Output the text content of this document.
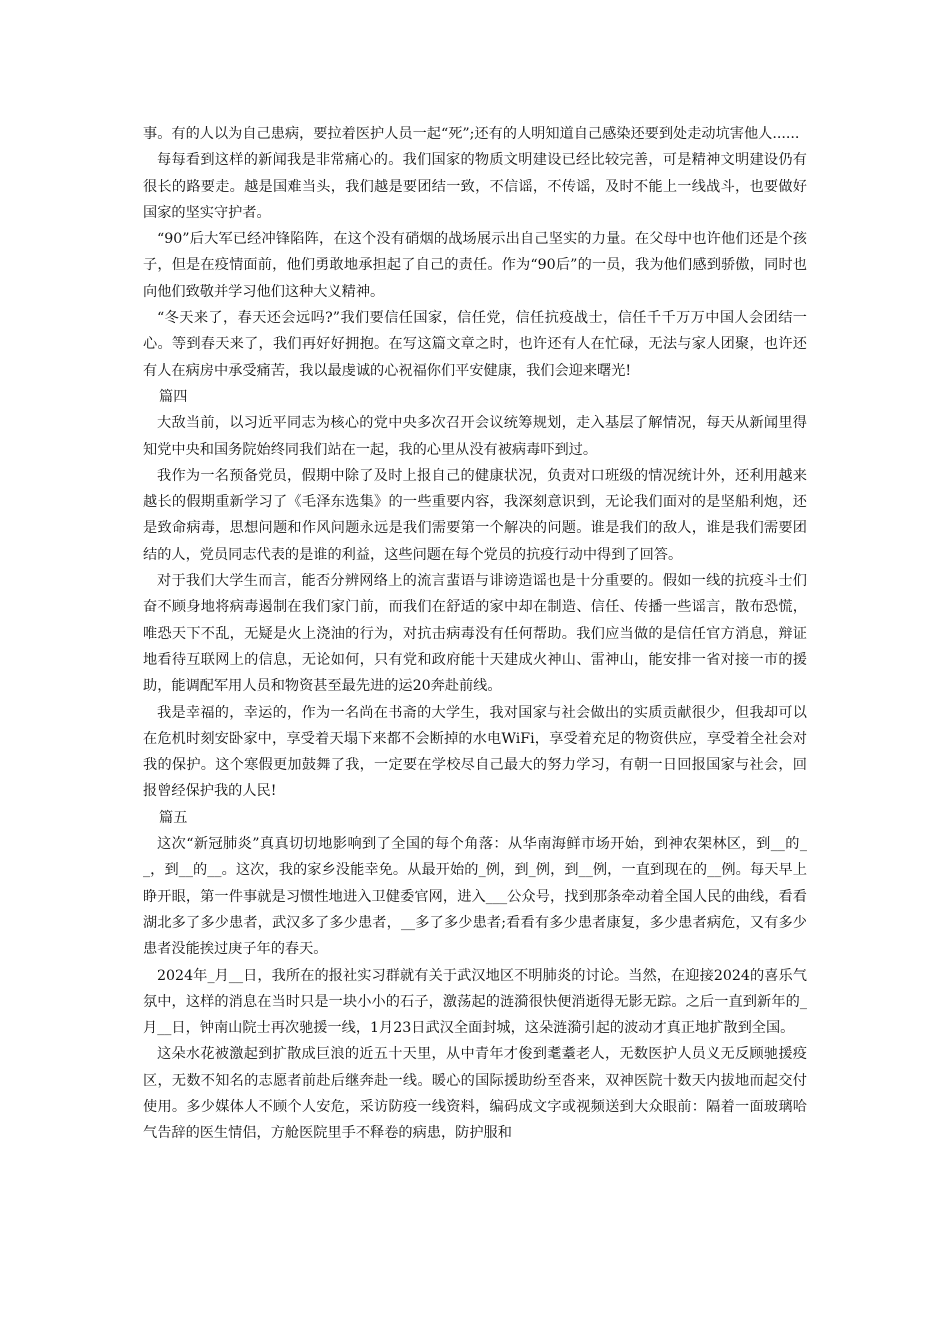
事。有的人以为自己患病，要拉着医护人员一起“死”;还有的人明知道自己感染还要到处走动坑害他人......

每每看到这样的新闻我是非常痛心的。我们国家的物质文明建设已经比较完善，可是精神文明建设仍有很长的路要走。越是国难当头，我们越是要团结一致，不信谣，不传谣，及时不能上一线战斗，也要做好国家的坚实守护者。

“90”后大军已经冲锋陷阵，在这个没有硝烟的战场展示出自己坚实的力量。在父母中也许他们还是个孩子，但是在疫情面前，他们勇敢地承担起了自己的责任。作为“90后”的一员，我为他们感到骄傲，同时也向他们致敬并学习他们这种大义精神。

“冬天来了，春天还会远吗?”我们要信任国家，信任党，信任抗疫战士，信任千千万万中国人会团结一心。等到春天来了，我们再好好拥抱。在写这篇文章之时，也许还有人在忙碌，无法与家人团聚，也许还有人在病房中承受痛苦，我以最虔诚的心祝福你们平安健康，我们会迎来曙光!

篇四

大敌当前，以习近平同志为核心的党中央多次召开会议统筹规划，走入基层了解情况，每天从新闻里得知党中央和国务院始终同我们站在一起，我的心里从没有被病毒吓到过。

我作为一名预备党员，假期中除了及时上报自己的健康状况，负责对口班级的情况统计外，还利用越来越长的假期重新学习了《毛泽东选集》的一些重要内容，我深刻意识到，无论我们面对的是坚船利炮，还是致命病毒，思想问题和作风问题永远是我们需要第一个解决的问题。谁是我们的敌人，谁是我们需要团结的人，党员同志代表的是谁的利益，这些问题在每个党员的抗疫行动中得到了回答。

对于我们大学生而言，能否分辨网络上的流言蜚语与诽谤造谣也是十分重要的。假如一线的抗疫斗士们奋不顾身地将病毒遏制在我们家门前，而我们在舒适的家中却在制造、信任、传播一些谣言，散布恐慌，唯恐天下不乱，无疑是火上浇油的行为，对抗击病毒没有任何帮助。我们应当做的是信任官方消息，辩证地看待互联网上的信息，无论如何，只有党和政府能十天建成火神山、雷神山，能安排一省对接一市的援助，能调配军用人员和物资甚至最先进的运20奔赴前线。

我是幸福的，幸运的，作为一名尚在书斋的大学生，我对国家与社会做出的实质贡献很少，但我却可以在危机时刻安卧家中，享受着天塌下来都不会断掉的水电WiFi，享受着充足的物资供应，享受着全社会对我的保护。这个寒假更加鼓舞了我，一定要在学校尽自己最大的努力学习，有朝一日回报国家与社会，回报曾经保护我的人民!

篇五

这次“新冠肺炎”真真切切地影响到了全国的每个角落：从华南海鲜市场开始，到神农架林区，到__的__，到__的__。这次，我的家乡没能幸免。从最开始的_例，到_例，到__例，一直到现在的__例。每天早上睁开眼，第一件事就是习惯性地进入卫健委官网，进入___公众号，找到那条牵动着全国人民的曲线，看看湖北多了多少患者，武汉多了多少患者，__多了多少患者;看看有多少患者康复，多少患者病危，又有多少患者没能挨过庚子年的春天。

2024年_月__日，我所在的报社实习群就有关于武汉地区不明肺炎的讨论。当然，在迎接2024的喜乐气氛中，这样的消息在当时只是一块小小的石子，激荡起的涟漪很快便消逝得无影无踪。之后一直到新年的_月__日，钟南山院士再次驰援一线，1月23日武汉全面封城，这朵涟漪引起的波动才真正地扩散到全国。

这朵水花被激起到扩散成巨浪的近五十天里，从中青年才俊到耄耋老人，无数医护人员义无反顾驰援疫区，无数不知名的志愿者前赴后继奔赴一线。暖心的国际援助纷至沓来，双神医院十数天内拔地而起交付使用。多少媒体人不顾个人安危，采访防疫一线资料，编码成文字或视频送到大众眼前：隔着一面玻璃哈气告辞的医生情侣，方舱医院里手不释卷的病患，防护服和
